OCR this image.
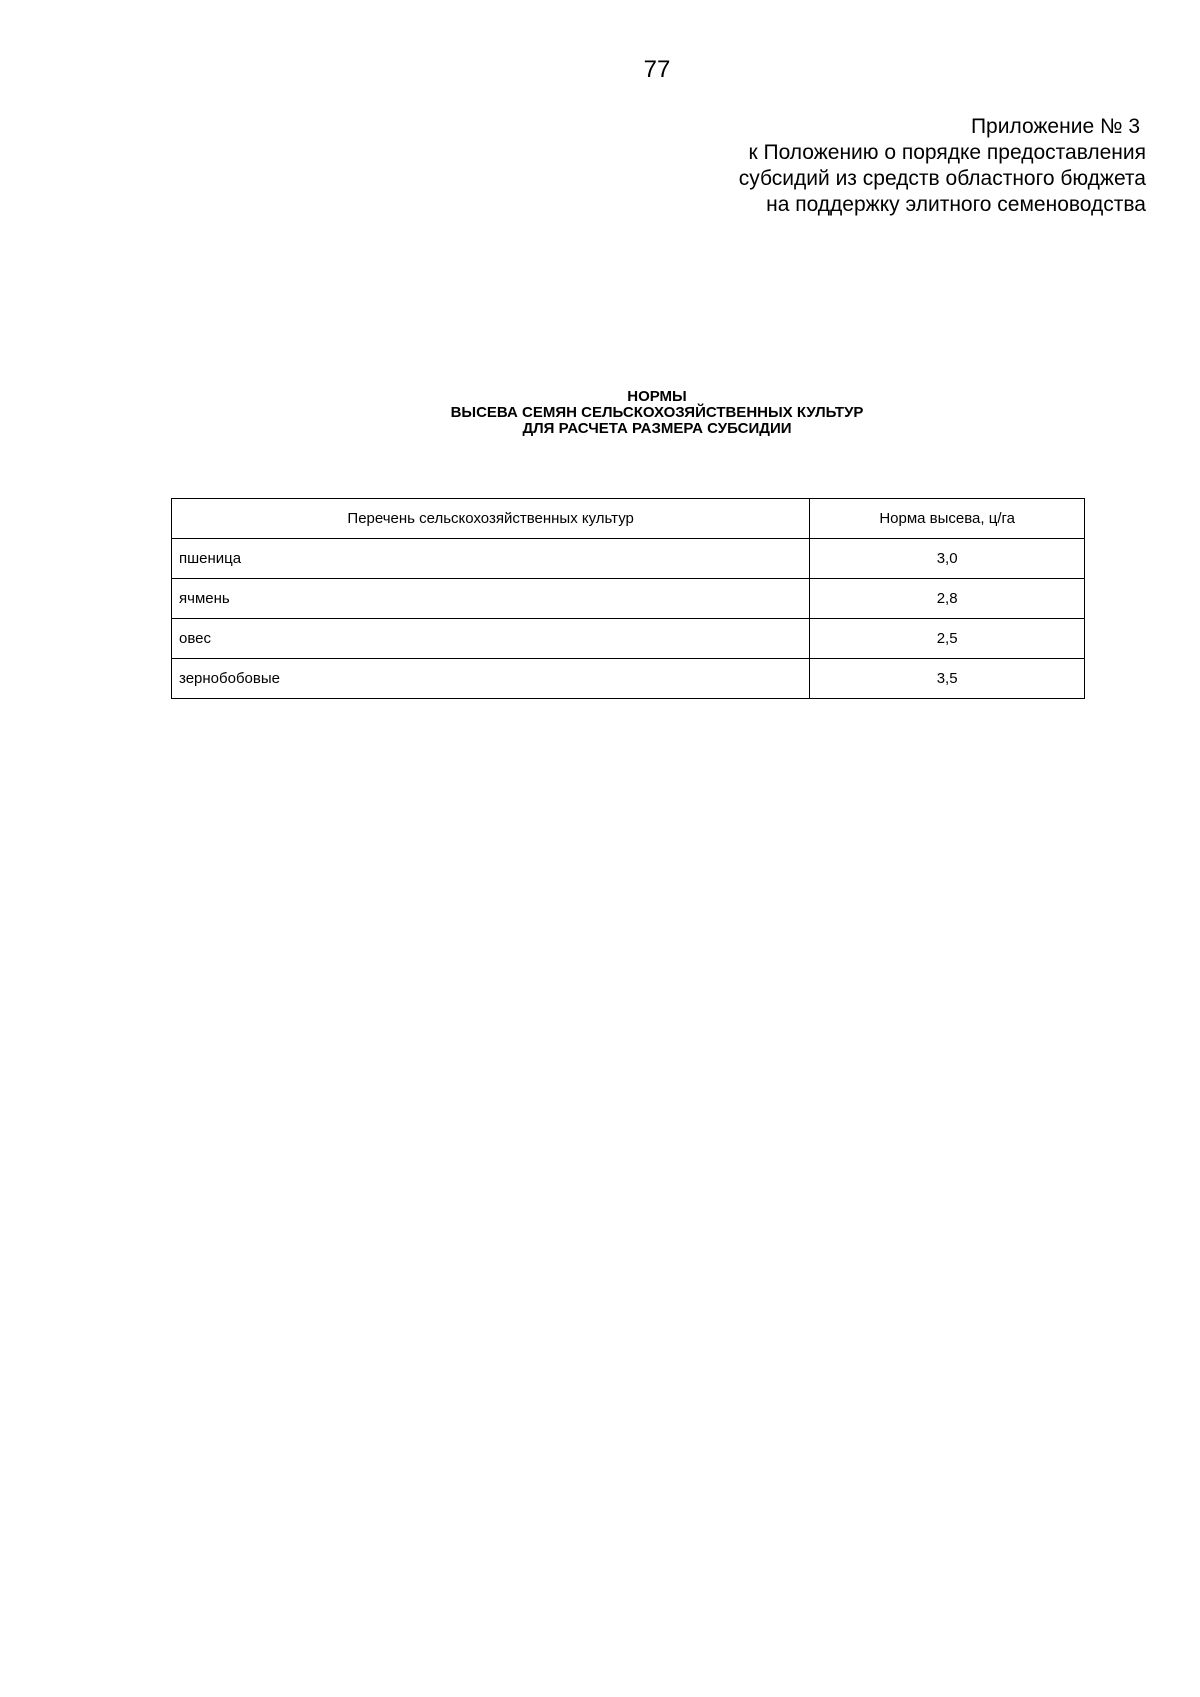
77
Приложение № 3
к Положению о порядке предоставления
субсидий из средств областного бюджета
на поддержку элитного семеноводства
НОРМЫ
ВЫСЕВА СЕМЯН СЕЛЬСКОХОЗЯЙСТВЕННЫХ КУЛЬТУР
ДЛЯ РАСЧЕТА РАЗМЕРА СУБСИДИИ
Перечень сельскохозяйственных культур	Норма высева, ц/га
пшеница	3,0
ячмень	2,8
овес	2,5
зернобобовые	3,5
